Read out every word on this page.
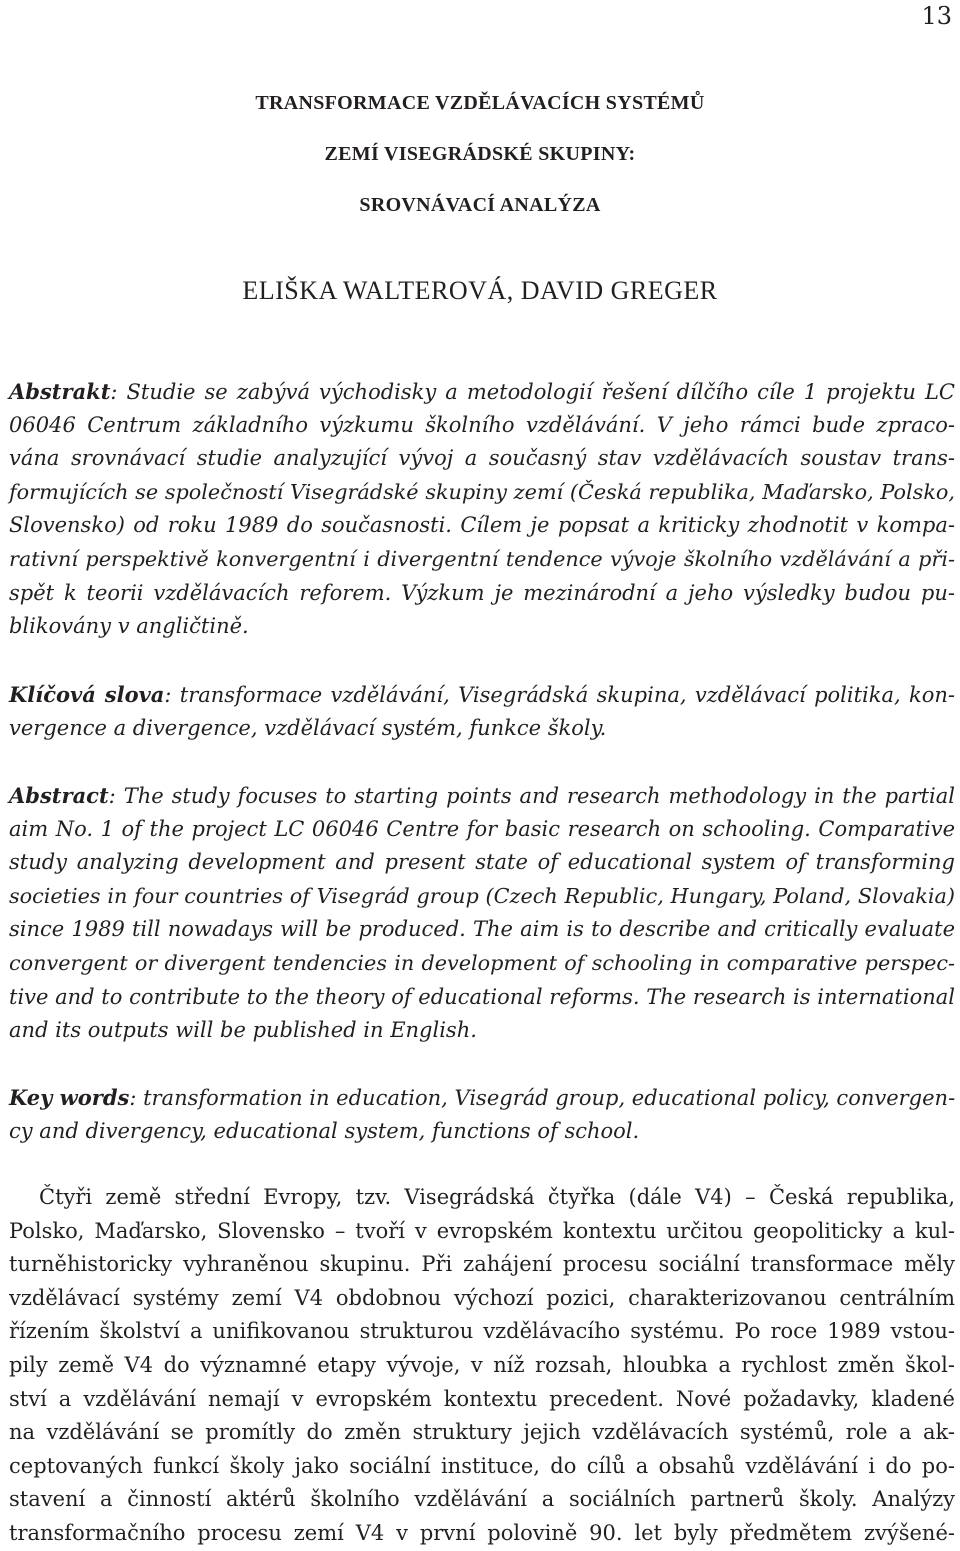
13
TRANSFORMACE VZDĚLÁVACÍCH SYSTÉMŮ
ZEMÍ VISEGRÁDSKÉ SKUPINY:
SROVNÁVACÍ ANALÝZA
ELIŠKA WALTEROVÁ, DAVID GREGER
Abstrakt: Studie se zabývá východisky a metodologií řešení dílčího cíle 1 projektu LC
06046 Centrum základního výzkumu školního vzdělávání. V jeho rámci bude zpraco-
vána srovnávací studie analyzující vývoj a současný stav vzdělávacích soustav trans-
formujících se společností Visegrádské skupiny zemí (Česká republika, Maďarsko, Polsko,
Slovensko) od roku 1989 do současnosti. Cílem je popsat a kriticky zhodnotit v kompa-
rativní perspektivě konvergentní i divergentní tendence vývoje školního vzdělávání a při-
spět k teorii vzdělávacích reforem. Výzkum je mezinárodní a jeho výsledky budou pu-
blikovány v angličtině.
Klíčová slova: transformace vzdělávání, Visegrádská skupina, vzdělávací politika, kon-
vergence a divergence, vzdělávací systém, funkce školy.
Abstract: The study focuses to starting points and research methodology in the partial
aim No. 1 of the project LC 06046 Centre for basic research on schooling. Comparative
study analyzing development and present state of educational system of transforming
societies in four countries of Visegrád group (Czech Republic, Hungary, Poland, Slovakia)
since 1989 till nowadays will be produced. The aim is to describe and critically evaluate
convergent or divergent tendencies in development of schooling in comparative perspec-
tive and to contribute to the theory of educational reforms. The research is international
and its outputs will be published in English.
Key words: transformation in education, Visegrád group, educational policy, convergen-
cy and divergency, educational system, functions of school.
Čtyři země střední Evropy, tzv. Visegrádská čtyřka (dále V4) – Česká republika,
Polsko, Maďarsko, Slovensko – tvoří v evropském kontextu určitou geopoliticky a kul-
turněhistoricky vyhraněnou skupinu. Při zahájení procesu sociální transformace měly
vzdělávací systémy zemí V4 obdobnou výchozí pozici, charakterizovanou centrálním
řízením školství a unifikovanou strukturou vzdělávacího systému. Po roce 1989 vstou-
pily země V4 do významné etapy vývoje, v níž rozsah, hloubka a rychlost změn škol-
ství a vzdělávání nemají v evropském kontextu precedent. Nové požadavky, kladené
na vzdělávání se promítly do změn struktury jejich vzdělávacích systémů, role a ak-
ceptovaných funkcí školy jako sociální instituce, do cílů a obsahů vzdělávání i do po-
stavení a činností aktérů školního vzdělávání a sociálních partnerů školy. Analýzy
transformačního procesu zemí V4 v první polovině 90. let byly předmětem zvýšené-
